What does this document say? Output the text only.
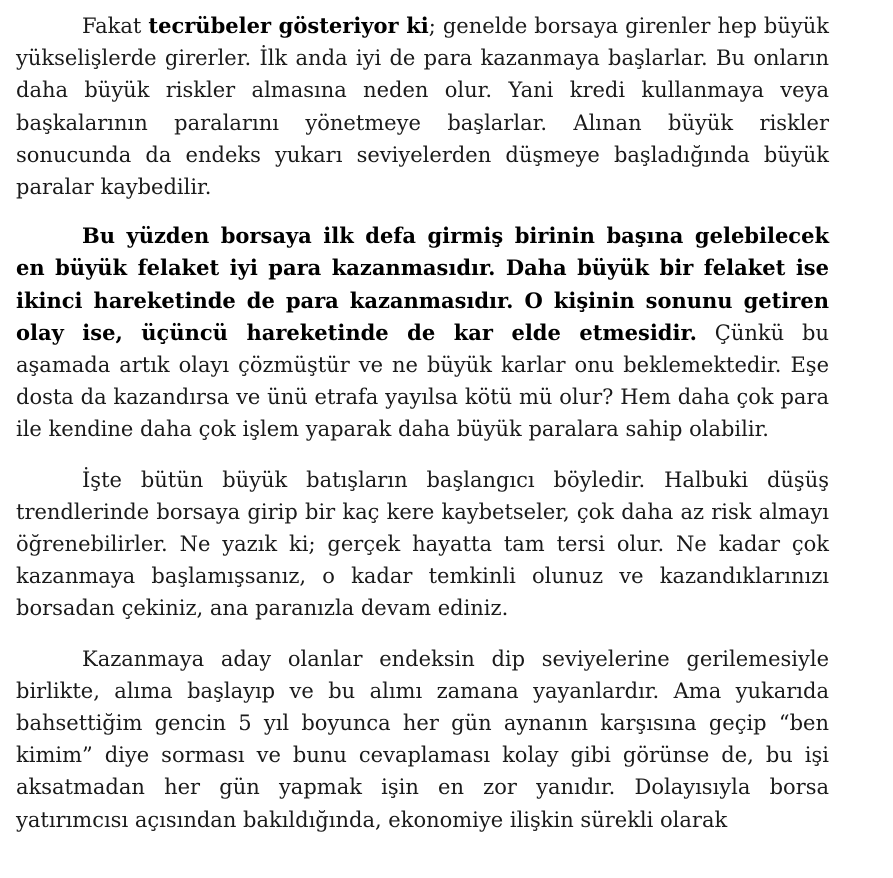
Fakat tecrübeler gösteriyor ki; genelde borsaya girenler hep büyük yükselişlerde girerler. İlk anda iyi de para kazanmaya başlarlar. Bu onların daha büyük riskler almasına neden olur. Yani kredi kullanmaya veya başkalarının paralarını yönetmeye başlarlar. Alınan büyük riskler sonucunda da endeks yukarı seviyelerden düşmeye başladığında büyük paralar kaybedilir.

Bu yüzden borsaya ilk defa girmiş birinin başına gelebilecek en büyük felaket iyi para kazanmasıdır. Daha büyük bir felaket ise ikinci hareketinde de para kazanmasıdır. O kişinin sonunu getiren olay ise, üçüncü hareketinde de kar elde etmesidir. Çünkü bu aşamada artık olayı çözmüştür ve ne büyük karlar onu beklemektedir. Eşe dosta da kazandırsa ve ünü etrafa yayılsa kötü mü olur? Hem daha çok para ile kendine daha çok işlem yaparak daha büyük paralara sahip olabilir.

İşte bütün büyük batışların başlangıcı böyledir. Halbuki düşüş trendlerinde borsaya girip bir kaç kere kaybetseler, çok daha az risk almayı öğrenebilirler. Ne yazık ki; gerçek hayatta tam tersi olur. Ne kadar çok kazanmaya başlamışsanız, o kadar temkinli olunuz ve kazandıklarınızı borsadan çekiniz, ana paranızla devam ediniz.

Kazanmaya aday olanlar endeksin dip seviyelerine gerilemesiyle birlikte, alıma başlayıp ve bu alımı zamana yayanlardır. Ama yukarıda bahsettiğim gencin 5 yıl boyunca her gün aynanın karşısına geçip “ben kimim” diye sorması ve bunu cevaplaması kolay gibi görünse de, bu işi aksatmadan her gün yapmak işin en zor yanıdır. Dolayısıyla borsa yatırımcısı açısından bakıldığında, ekonomiye ilişkin sürekli olarak
